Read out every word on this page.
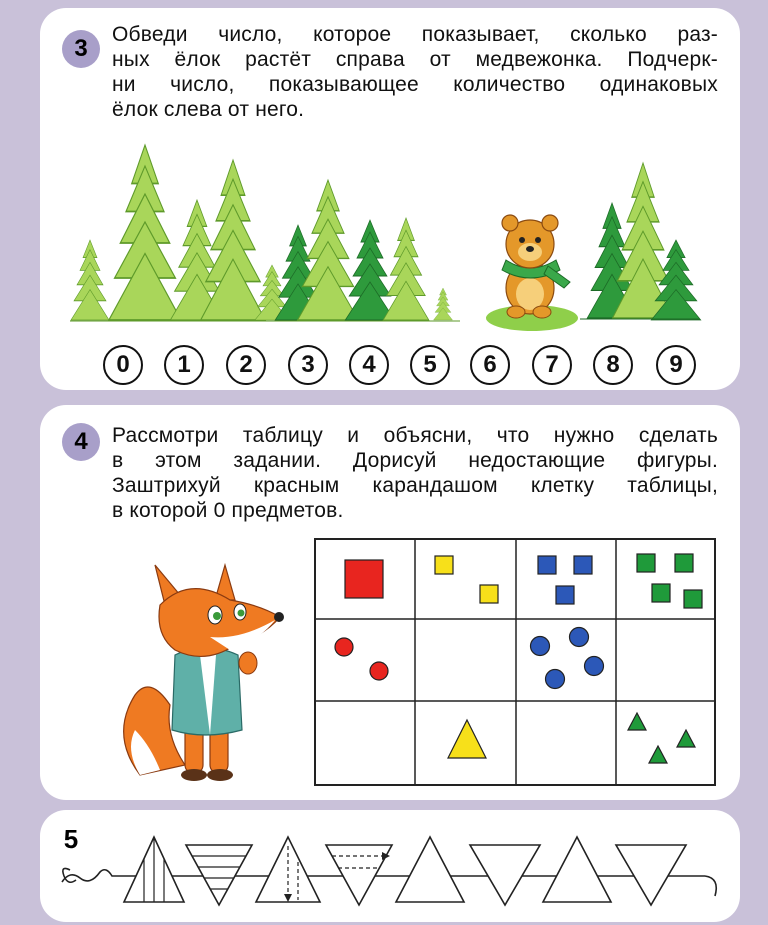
3
Обведи число, которое показывает, сколько раз-
ных ёлок растёт справа от медвежонка. Подчерк-
ни число, показывающее количество одинаковых
ёлок слева от него.
0	1	2	3	4	5	6	7	8	9
4	Рассмотри таблицу и объясни, что нужно сделать
в этом задании. Дорисуй недостающие фигуры.
Заштрихуй красным карандашом клетку таблицы,
в которой 0 предметов.
5
